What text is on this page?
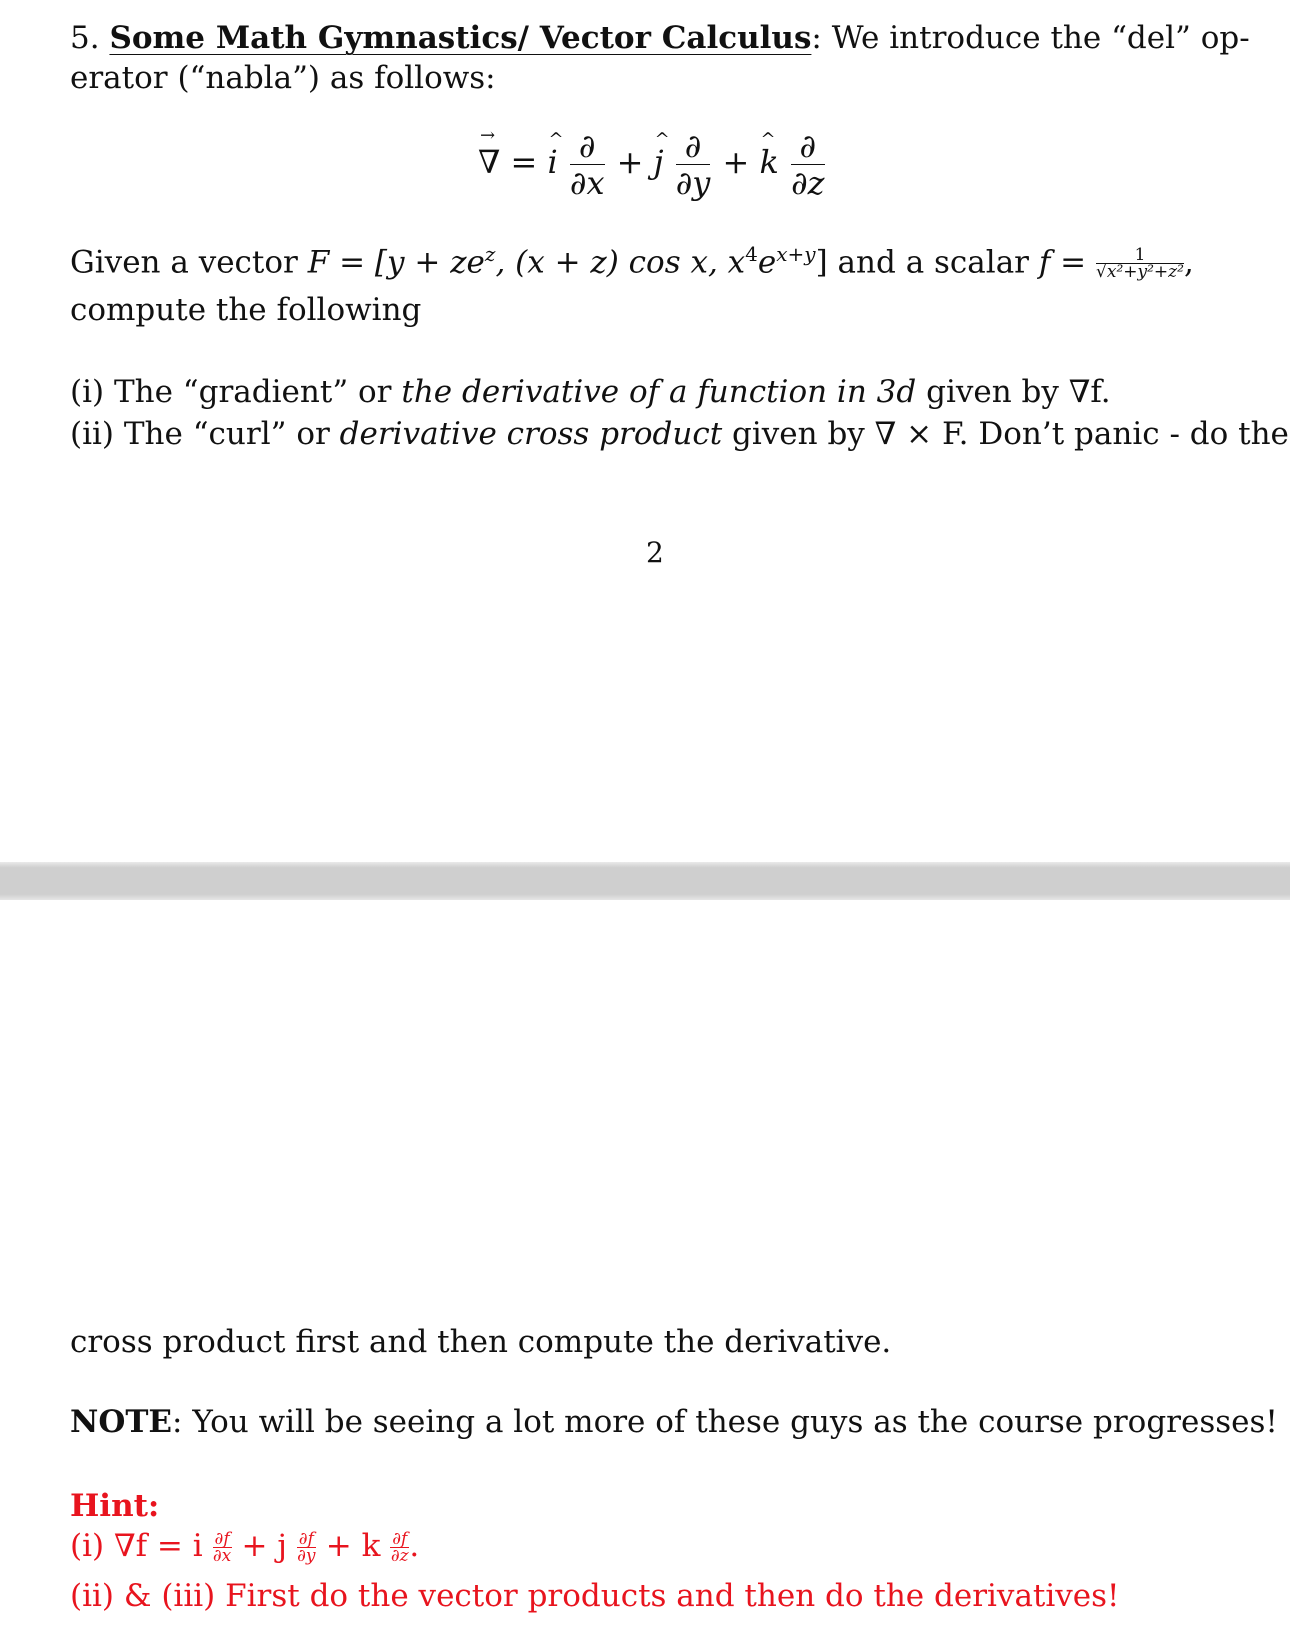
5. Some Math Gymnastics/ Vector Calculus: We introduce the “del” op-
erator (“nabla”) as follows:
→ ∇ = ^ i $\frac{\partial}{\partial x}$ + ^ j $\frac{\partial}{\partial y}$ + ^ k $\frac{\partial}{\partial z}$
Given a vector $F = [y + ze^z$, (x + z) cos x, $x^4e^{x+y}$] and a scalar $f = \frac{1}{\text{√x²+y²+z²}}$ ,
compute the following
(i) The “gradient” or the derivative of a function in 3d given by ∇f.
(ii) The “curl” or derivative cross product given by ∇ × F. Don’t panic - do the
2
cross product first and then compute the derivative.
NOTE: You will be seeing a lot more of these guys as the course progresses!
Hint:
(i) ∇f = i $\frac{\partial f}{\partial x} + j \frac{\partial f}{\partial y} + k \frac{\partial f}{\partial z}$ .
(ii) & (iii) First do the vector products and then do the derivatives!
